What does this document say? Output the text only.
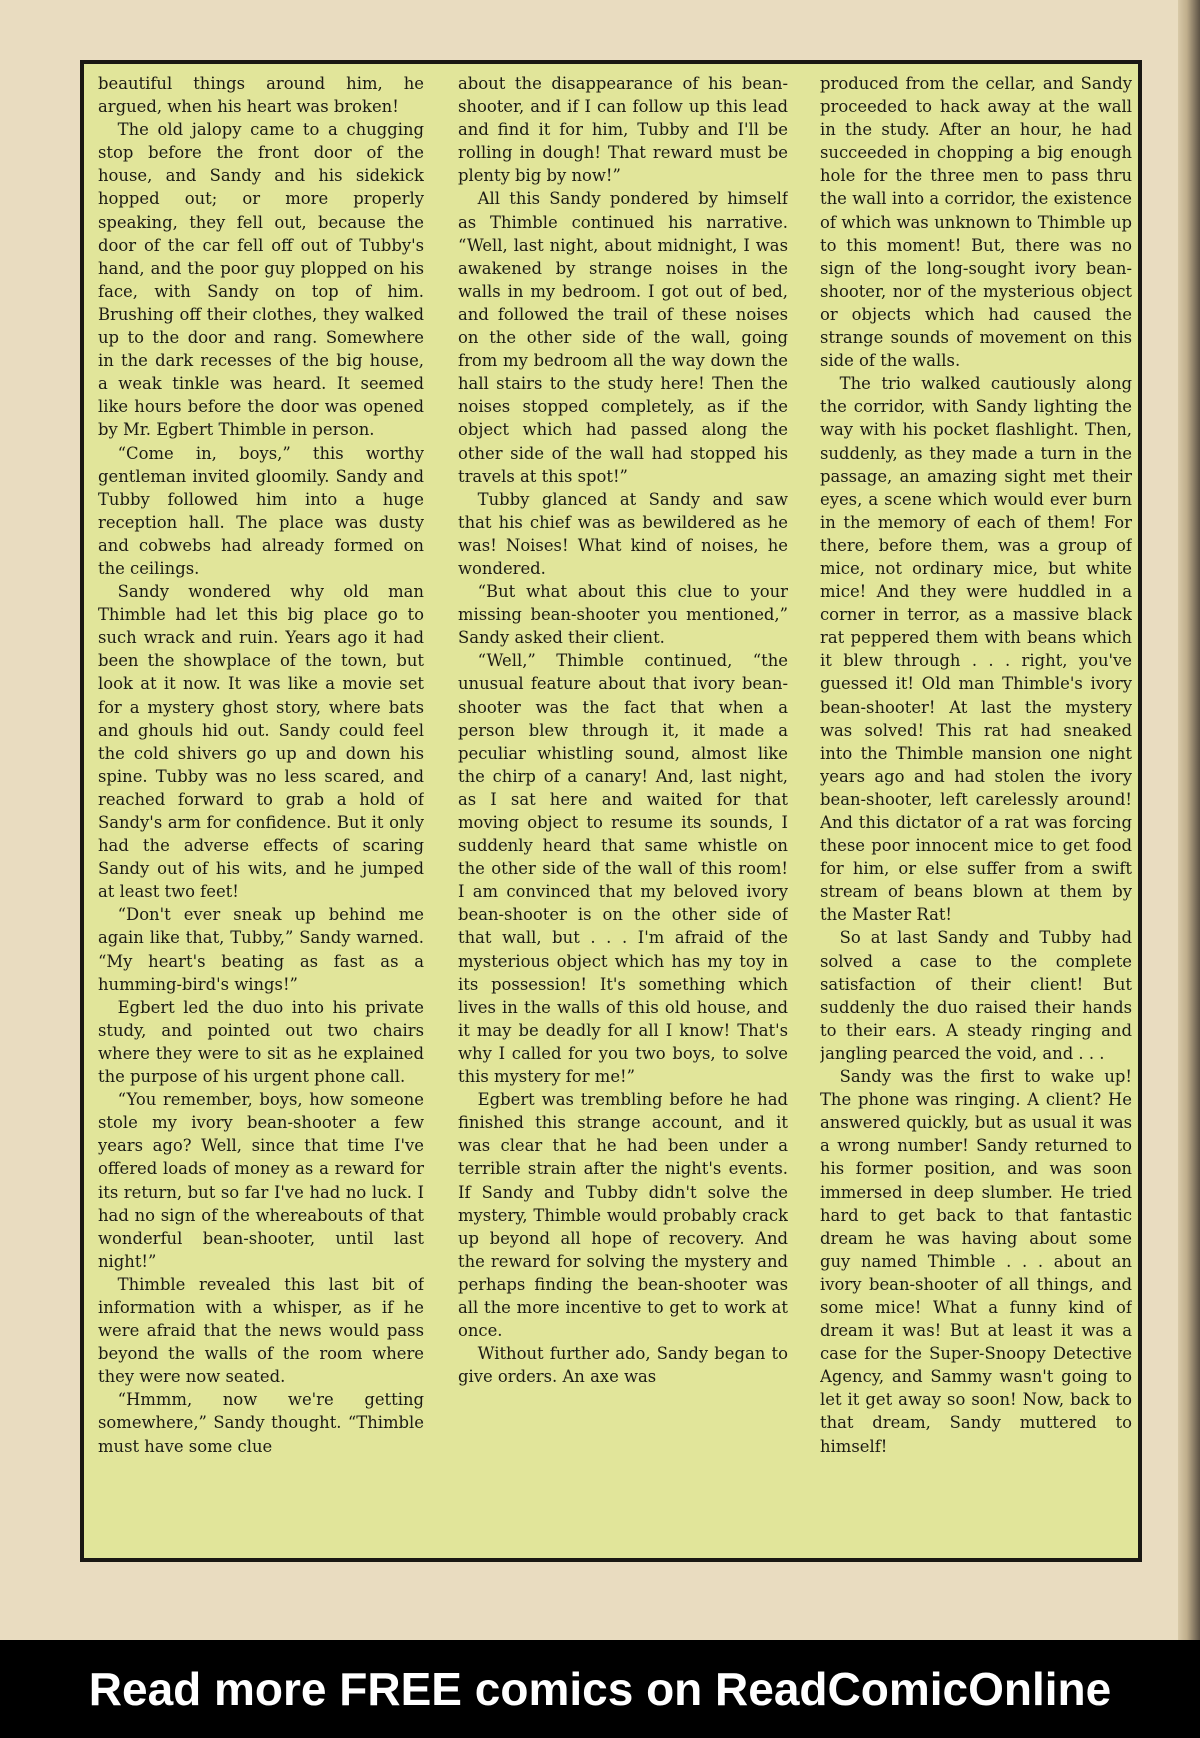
beautiful things around him, he argued, when his heart was broken!

The old jalopy came to a chugging stop before the front door of the house, and Sandy and his sidekick hopped out; or more properly speaking, they fell out, because the door of the car fell off out of Tubby's hand, and the poor guy plopped on his face, with Sandy on top of him. Brushing off their clothes, they walked up to the door and rang. Somewhere in the dark recesses of the big house, a weak tinkle was heard. It seemed like hours before the door was opened by Mr. Egbert Thimble in person.

“Come in, boys,” this worthy gentleman invited gloomily. Sandy and Tubby followed him into a huge reception hall. The place was dusty and cobwebs had already formed on the ceilings.

Sandy wondered why old man Thimble had let this big place go to such wrack and ruin. Years ago it had been the showplace of the town, but look at it now. It was like a movie set for a mystery ghost story, where bats and ghouls hid out. Sandy could feel the cold shivers go up and down his spine. Tubby was no less scared, and reached forward to grab a hold of Sandy's arm for confidence. But it only had the adverse effects of scaring Sandy out of his wits, and he jumped at least two feet!

“Don't ever sneak up behind me again like that, Tubby,” Sandy warned. “My heart's beating as fast as a humming-bird's wings!”

Egbert led the duo into his private study, and pointed out two chairs where they were to sit as he explained the purpose of his urgent phone call.

“You remember, boys, how someone stole my ivory bean-shooter a few years ago? Well, since that time I've offered loads of money as a reward for its return, but so far I've had no luck. I had no sign of the whereabouts of that wonderful bean-shooter, until last night!”

Thimble revealed this last bit of information with a whisper, as if he were afraid that the news would pass beyond the walls of the room where they were now seated.

“Hmmm, now we're getting somewhere,” Sandy thought. “Thimble must have some clue

about the disappearance of his bean-shooter, and if I can follow up this lead and find it for him, Tubby and I'll be rolling in dough! That reward must be plenty big by now!”

All this Sandy pondered by himself as Thimble continued his narrative. “Well, last night, about midnight, I was awakened by strange noises in the walls in my bedroom. I got out of bed, and followed the trail of these noises on the other side of the wall, going from my bedroom all the way down the hall stairs to the study here! Then the noises stopped completely, as if the object which had passed along the other side of the wall had stopped his travels at this spot!”

Tubby glanced at Sandy and saw that his chief was as bewildered as he was! Noises! What kind of noises, he wondered.

“But what about this clue to your missing bean-shooter you mentioned,” Sandy asked their client.

“Well,” Thimble continued, “the unusual feature about that ivory bean-shooter was the fact that when a person blew through it, it made a peculiar whistling sound, almost like the chirp of a canary! And, last night, as I sat here and waited for that moving object to resume its sounds, I suddenly heard that same whistle on the other side of the wall of this room! I am convinced that my beloved ivory bean-shooter is on the other side of that wall, but . . . I'm afraid of the mysterious object which has my toy in its possession! It's something which lives in the walls of this old house, and it may be deadly for all I know! That's why I called for you two boys, to solve this mystery for me!”

Egbert was trembling before he had finished this strange account, and it was clear that he had been under a terrible strain after the night's events. If Sandy and Tubby didn't solve the mystery, Thimble would probably crack up beyond all hope of recovery. And the reward for solving the mystery and perhaps finding the bean-shooter was all the more incentive to get to work at once.

Without further ado, Sandy began to give orders. An axe was

produced from the cellar, and Sandy proceeded to hack away at the wall in the study. After an hour, he had succeeded in chopping a big enough hole for the three men to pass thru the wall into a corridor, the existence of which was unknown to Thimble up to this moment! But, there was no sign of the long-sought ivory bean-shooter, nor of the mysterious object or objects which had caused the strange sounds of movement on this side of the walls.

The trio walked cautiously along the corridor, with Sandy lighting the way with his pocket flashlight. Then, suddenly, as they made a turn in the passage, an amazing sight met their eyes, a scene which would ever burn in the memory of each of them! For there, before them, was a group of mice, not ordinary mice, but white mice! And they were huddled in a corner in terror, as a massive black rat peppered them with beans which it blew through . . . right, you've guessed it! Old man Thimble's ivory bean-shooter! At last the mystery was solved! This rat had sneaked into the Thimble mansion one night years ago and had stolen the ivory bean-shooter, left carelessly around! And this dictator of a rat was forcing these poor innocent mice to get food for him, or else suffer from a swift stream of beans blown at them by the Master Rat!

So at last Sandy and Tubby had solved a case to the complete satisfaction of their client! But suddenly the duo raised their hands to their ears. A steady ringing and jangling pearced the void, and . . .

Sandy was the first to wake up! The phone was ringing. A client? He answered quickly, but as usual it was a wrong number! Sandy returned to his former position, and was soon immersed in deep slumber. He tried hard to get back to that fantastic dream he was having about some guy named Thimble . . . about an ivory bean-shooter of all things, and some mice! What a funny kind of dream it was! But at least it was a case for the Super-Snoopy Detective Agency, and Sammy wasn't going to let it get away so soon! Now, back to that dream, Sandy muttered to himself!

Read more FREE comics on ReadComicOnline
